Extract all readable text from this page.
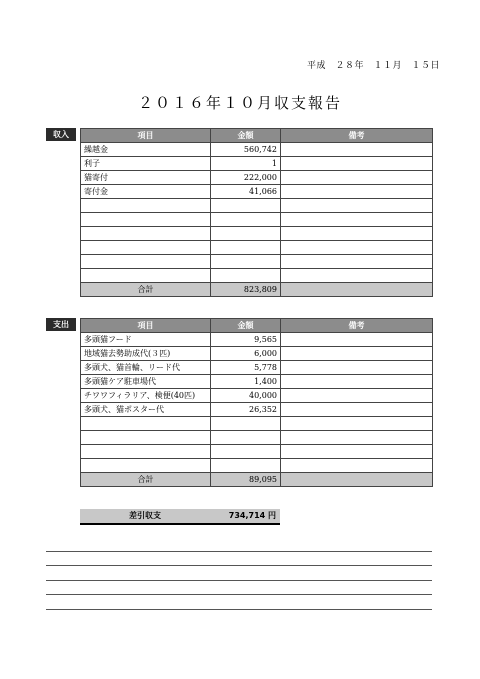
平成　２８年　１１月　１５日
２０１６年１０月収支報告
収入	項目	金額	備考
繰越金	560,742	
利子	1	
猫寄付	222,000	
寄付金	41,066	

合計	823,809	
支出	項目	金額	備考
多頭猫フード	9,565	
地域猫去勢助成代(３匹)	6,000	
多頭犬、猫首輪、リード代	5,778	
多頭猫ケア駐車場代	1,400	
チワワフィラリア、検便(40匹)	40,000	
多頭犬、猫ポスター代	26,352	

合計	89,095	
差引収支	734,714 円
